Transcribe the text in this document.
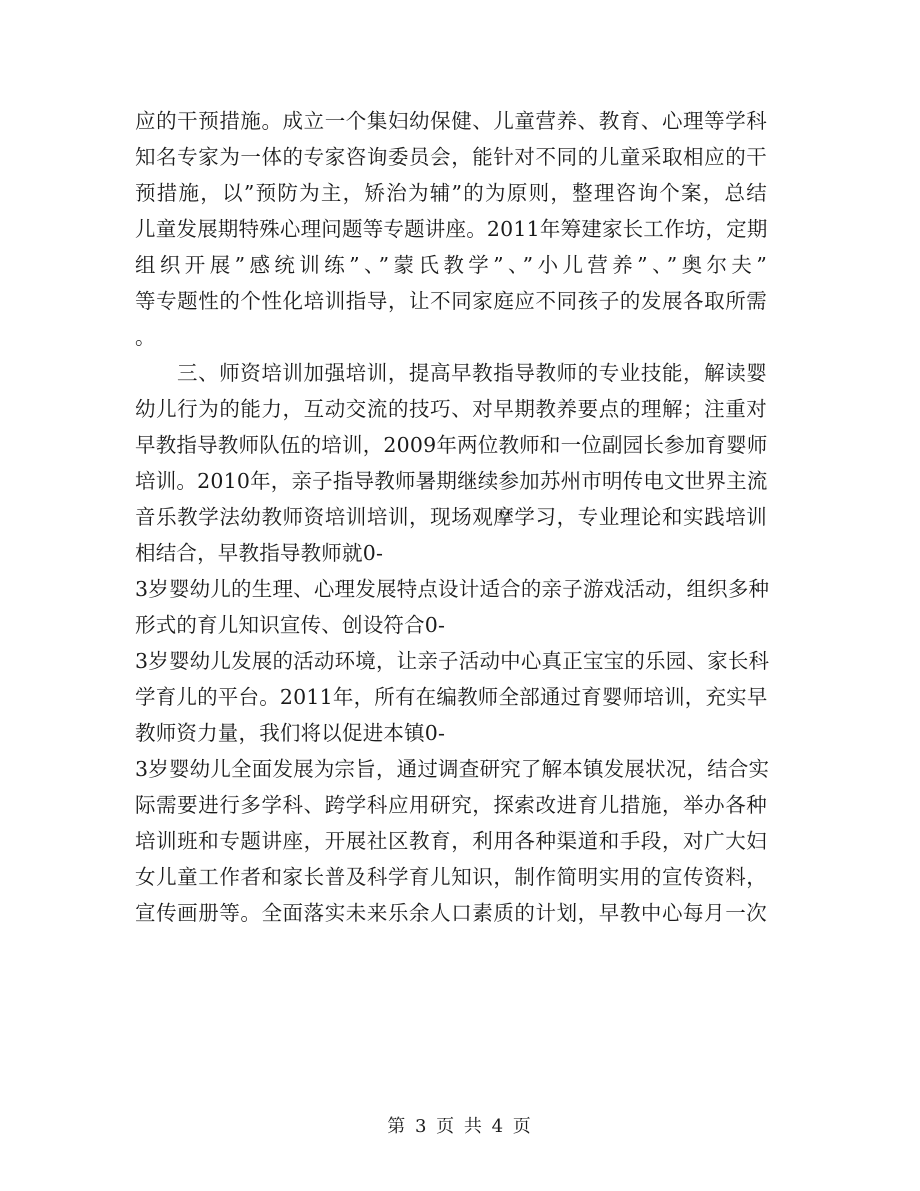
应的干预措施。成立一个集妇幼保健、儿童营养、教育、心理等学科
知名专家为一体的专家咨询委员会，能针对不同的儿童采取相应的干
预措施，以”预防为主，矫治为辅”的为原则，整理咨询个案，总结
儿童发展期特殊心理问题等专题讲座。2011年筹建家长工作坊，定期
组织开展”感统训练”、”蒙氏教学”、”小儿营养”、”奥尔夫”
等专题性的个性化培训指导，让不同家庭应不同孩子的发展各取所需
。
三、师资培训加强培训，提高早教指导教师的专业技能，解读婴
幼儿行为的能力，互动交流的技巧、对早期教养要点的理解；注重对
早教指导教师队伍的培训，2009年两位教师和一位副园长参加育婴师
培训。2010年，亲子指导教师暑期继续参加苏州市明传电文世界主流
音乐教学法幼教师资培训培训，现场观摩学习，专业理论和实践培训
相结合，早教指导教师就0-
3岁婴幼儿的生理、心理发展特点设计适合的亲子游戏活动，组织多种
形式的育儿知识宣传、创设符合0-
3岁婴幼儿发展的活动环境，让亲子活动中心真正宝宝的乐园、家长科
学育儿的平台。2011年，所有在编教师全部通过育婴师培训，充实早
教师资力量，我们将以促进本镇0-
3岁婴幼儿全面发展为宗旨，通过调查研究了解本镇发展状况，结合实
际需要进行多学科、跨学科应用研究，探索改进育儿措施，举办各种
培训班和专题讲座，开展社区教育，利用各种渠道和手段，对广大妇
女儿童工作者和家长普及科学育儿知识，制作简明实用的宣传资料，
宣传画册等。全面落实未来乐余人口素质的计划，早教中心每月一次
第 3 页 共 4 页
